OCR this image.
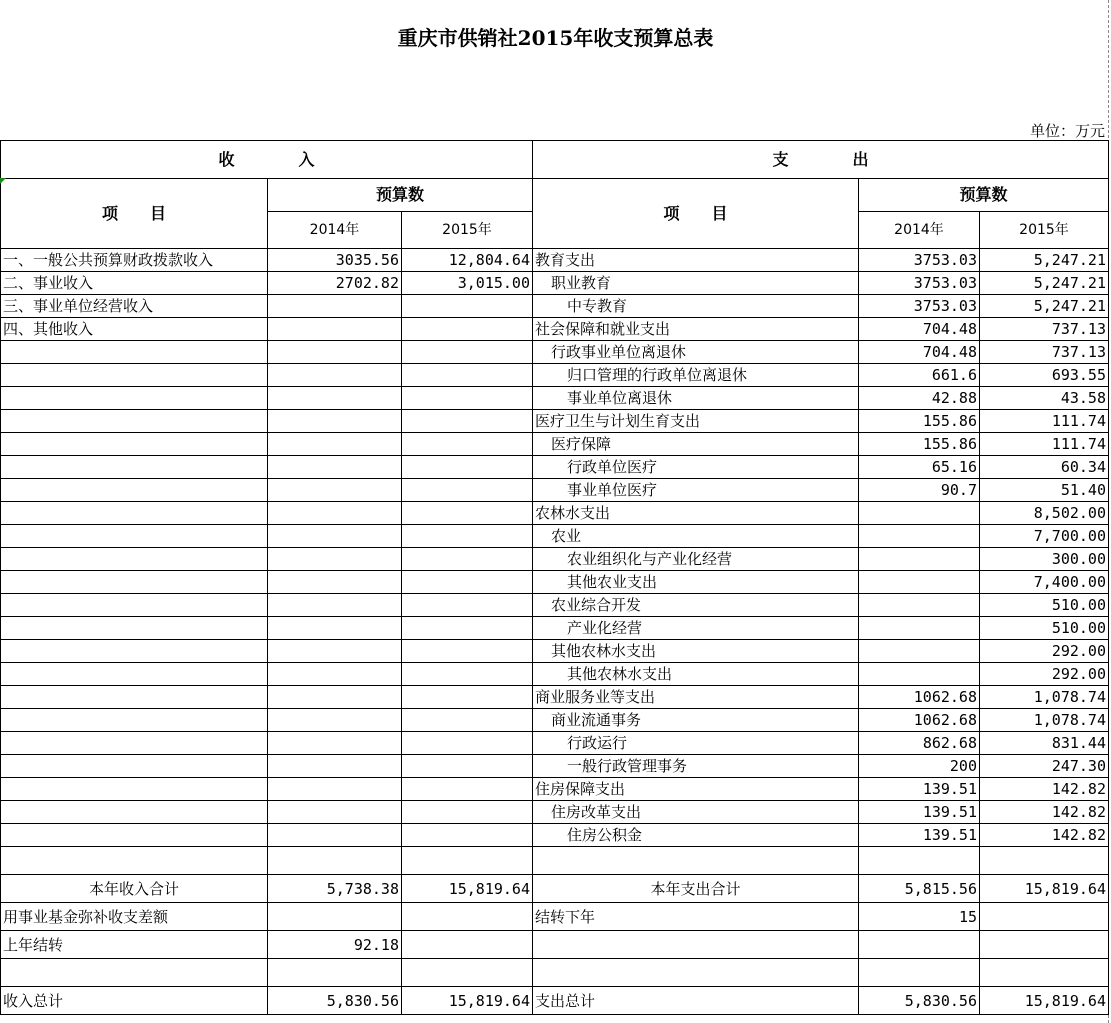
重庆市供销社2015年收支预算总表
单位：万元
收　　　　入			支　　　　出		
项　　目	预算数		项　　目	预算数	
	2014年	2015年		2014年	2015年
一、一般公共预算财政拨款收入	3035.56	12,804.64	教育支出	3753.03	5,247.21
二、事业收入	2702.82	3,015.00	职业教育	3753.03	5,247.21
三、事业单位经营收入			中专教育	3753.03	5,247.21
四、其他收入			社会保障和就业支出	704.48	737.13
			行政事业单位离退休	704.48	737.13
			归口管理的行政单位离退休	661.6	693.55
			事业单位离退休	42.88	43.58
			医疗卫生与计划生育支出	155.86	111.74
			医疗保障	155.86	111.74
			行政单位医疗	65.16	60.34
			事业单位医疗	90.7	51.40
			农林水支出		8,502.00
			农业		7,700.00
			农业组织化与产业化经营		300.00
			其他农业支出		7,400.00
			农业综合开发		510.00
			产业化经营		510.00
			其他农林水支出		292.00
			其他农林水支出		292.00
			商业服务业等支出	1062.68	1,078.74
			商业流通事务	1062.68	1,078.74
			行政运行	862.68	831.44
			一般行政管理事务	200	247.30
			住房保障支出	139.51	142.82
			住房改革支出	139.51	142.82
			住房公积金	139.51	142.82

本年收入合计	5,738.38	15,819.64	本年支出合计	5,815.56	15,819.64
用事业基金弥补收支差额			结转下年	15	
上年结转	92.18				

收入总计	5,830.56	15,819.64	支出总计	5,830.56	15,819.64
